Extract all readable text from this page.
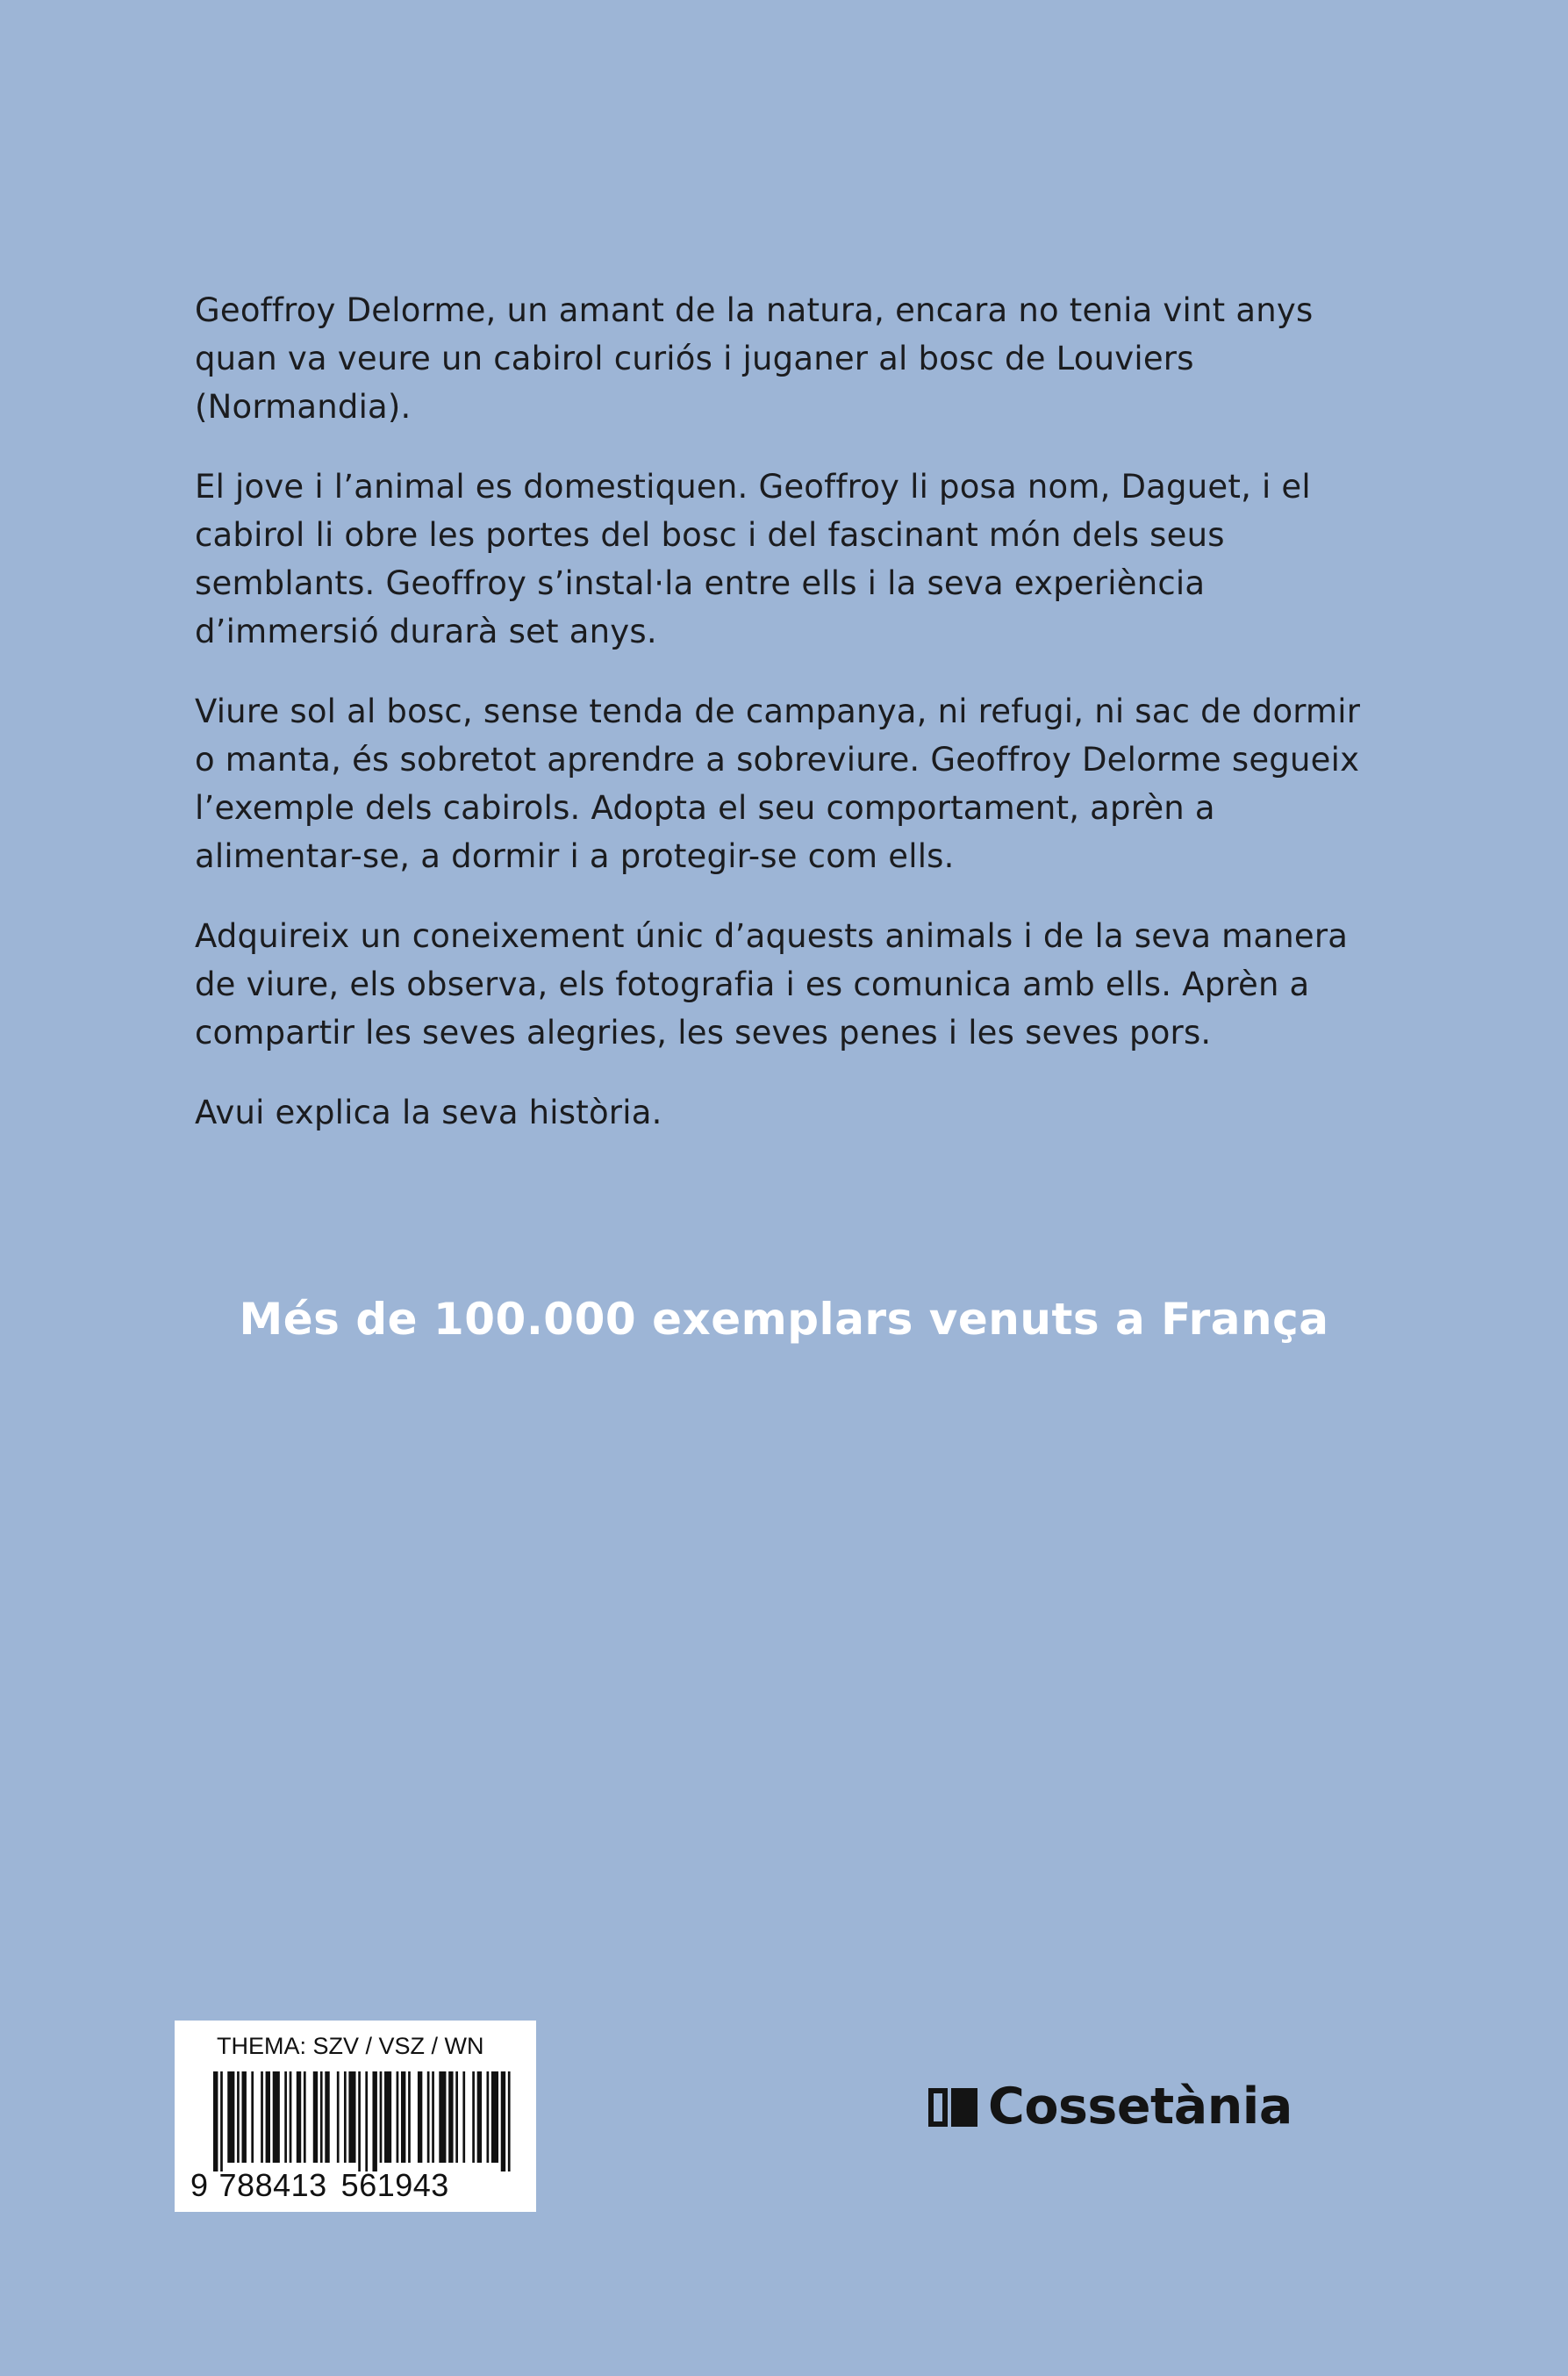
Geoffroy Delorme, un amant de la natura, encara no tenia vint anys quan va veure un cabirol curiós i juganer al bosc de Louviers (Normandia).

El jove i l’animal es domestiquen. Geoffroy li posa nom, Daguet, i el cabirol li obre les portes del bosc i del fascinant món dels seus semblants. Geoffroy s’instal·la entre ells i la seva experiència d’immersió durarà set anys.

Viure sol al bosc, sense tenda de campanya, ni refugi, ni sac de dormir o manta, és sobretot aprendre a sobreviure. Geoffroy Delorme segueix l’exemple dels cabirols. Adopta el seu comportament, aprèn a alimentar-se, a dormir i a protegir-se com ells.

Adquireix un coneixement únic d’aquests animals i de la seva manera de viure, els observa, els fotografia i es comunica amb ells. Aprèn a compartir les seves alegries, les seves penes i les seves pors.

Avui explica la seva història.

Més de 100.000 exemplars venuts a França
THEMA: SZV / VSZ / WN
9 788413 561943
Cossetània
